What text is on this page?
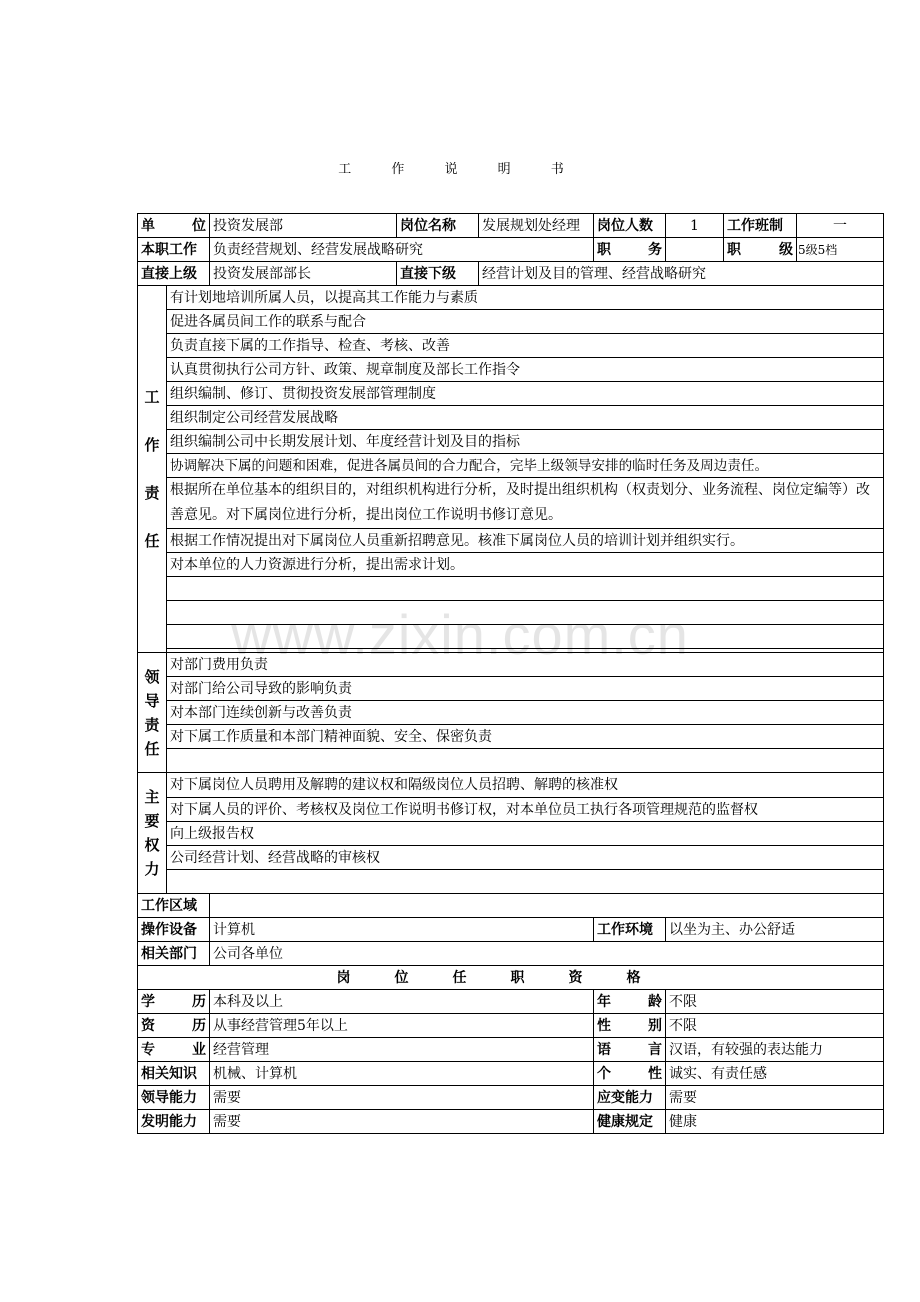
工 作 说 明 书
www.zixin.com.cn
单 位		投资发展部	岗位名称	发展规划处经理	岗位人数	1	工作班制	一
本职工作		负责经营规划、经营发展战略研究			职 务		职 级	5级5档
直接上级		投资发展部部长	直接下级	经营计划及目的管理、经营战略研究				

工
作
责
任	有计划地培训所属人员，以提高其工作能力与素质							
	促进各属员间工作的联系与配合							
	负责直接下属的工作指导、检查、考核、改善							
	认真贯彻执行公司方针、政策、规章制度及部长工作指令							
	组织编制、修订、贯彻投资发展部管理制度							
	组织制定公司经营发展战略							
	组织编制公司中长期发展计划、年度经营计划及目的指标							
	协调解决下属的问题和困难，促进各属员间的合力配合，完毕上级领导安排的临时任务及周边责任。							
	根据所在单位基本的组织目的，对组织机构进行分析，及时提出组织机构（权责划分、业务流程、岗位定编等）改善意见。对下属岗位进行分析，提出岗位工作说明书修订意见。							
	根据工作情况提出对下属岗位人员重新招聘意见。核准下属岗位人员的培训计划并组织实行。							
	对本单位的人力资源进行分析，提出需求计划。							

领
导
责
任	对部门费用负责							
	对部门给公司导致的影响负责							
	对本部门连续创新与改善负责							
	对下属工作质量和本部门精神面貌、安全、保密负责							

主
要
权
力	对下属岗位人员聘用及解聘的建议权和隔级岗位人员招聘、解聘的核准权							
	对下属人员的评价、考核权及岗位工作说明书修订权，对本单位员工执行各项管理规范的监督权							
	向上级报告权							
	公司经营计划、经营战略的审核权							

工作区域								
操作设备		计算机			工作环境	以坐为主、办公舒适		
相关部门		公司各单位						
岗位任职资格								
学 历		本科及以上			年 龄	不限		
资 历		从事经营管理5年以上			性 别	不限		
专 业		经营管理			语 言	汉语，有较强的表达能力		
相关知识		机械、计算机			个 性	诚实、有责任感		
领导能力		需要			应变能力	需要		
发明能力		需要			健康规定	健康		
